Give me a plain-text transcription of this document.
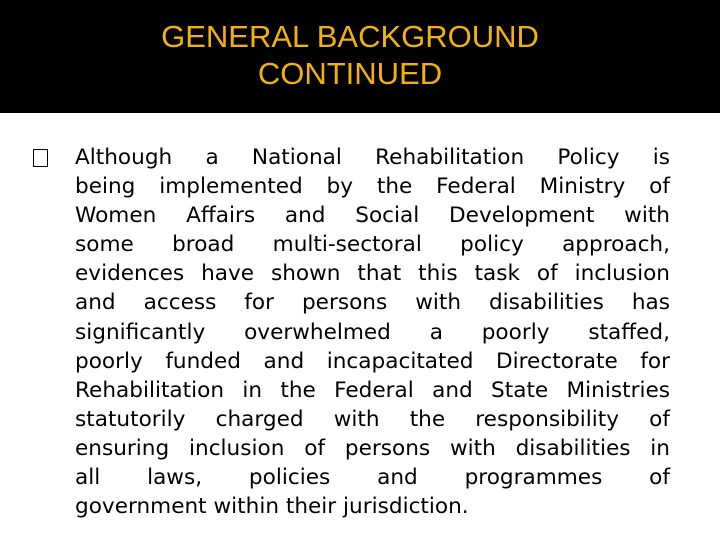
GENERAL BACKGROUND
CONTINUED
Although a National Rehabilitation Policy is
being implemented by the Federal Ministry of
Women Affairs and Social Development with
some broad multi-sectoral policy approach,
evidences have shown that this task of inclusion
and access for persons with disabilities has
significantly overwhelmed a poorly staffed,
poorly funded and incapacitated Directorate for
Rehabilitation in the Federal and State Ministries
statutorily charged with the responsibility of
ensuring inclusion of persons with disabilities in
all laws, policies and programmes of
government within their jurisdiction.
